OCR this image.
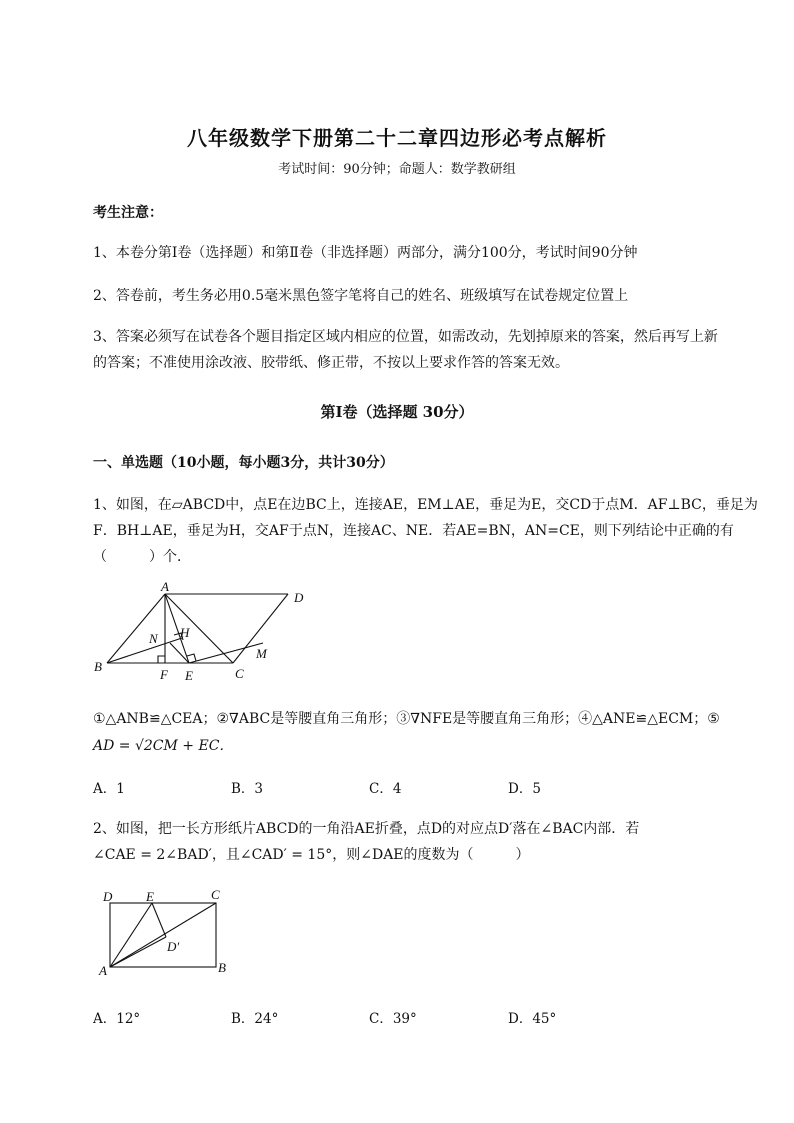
八年级数学下册第二十二章四边形必考点解析
考试时间：90分钟；命题人：数学教研组
考生注意：
1、本卷分第I卷（选择题）和第Ⅱ卷（非选择题）两部分，满分100分，考试时间90分钟
2、答卷前，考生务必用0.5毫米黑色签字笔将自己的姓名、班级填写在试卷规定位置上
3、答案必须写在试卷各个题目指定区域内相应的位置，如需改动，先划掉原来的答案，然后再写上新
的答案；不准使用涂改液、胶带纸、修正带，不按以上要求作答的答案无效。
第I卷（选择题 30分）
一、单选题（10小题，每小题3分，共计30分）
1、如图，在▱ABCD中，点E在边BC上，连接AE，EM⊥AE，垂足为E，交CD于点M．AF⊥BC，垂足为
F．BH⊥AE，垂足为H，交AF于点N，连接AC、NE．若AE=BN，AN=CE，则下列结论中正确的有
（　　　）个．
A
D
B	C
F E
H
N
M
①△ANB≌△CEA；②∇ABC是等腰直角三角形；③∇NFE是等腰直角三角形；④△ANE≌△ECM；⑤
AD = √2CM + EC．
A．1	B．3	C．4	D．5
2、如图，把一长方形纸片ABCD的一角沿AE折叠，点D的对应点D′落在∠BAC内部．若
∠CAE = 2∠BAD′，且∠CAD′ = 15°，则∠DAE的度数为（　　　）
D	E	C
D′
A	B
A．12°	B．24°	C．39°	D．45°
